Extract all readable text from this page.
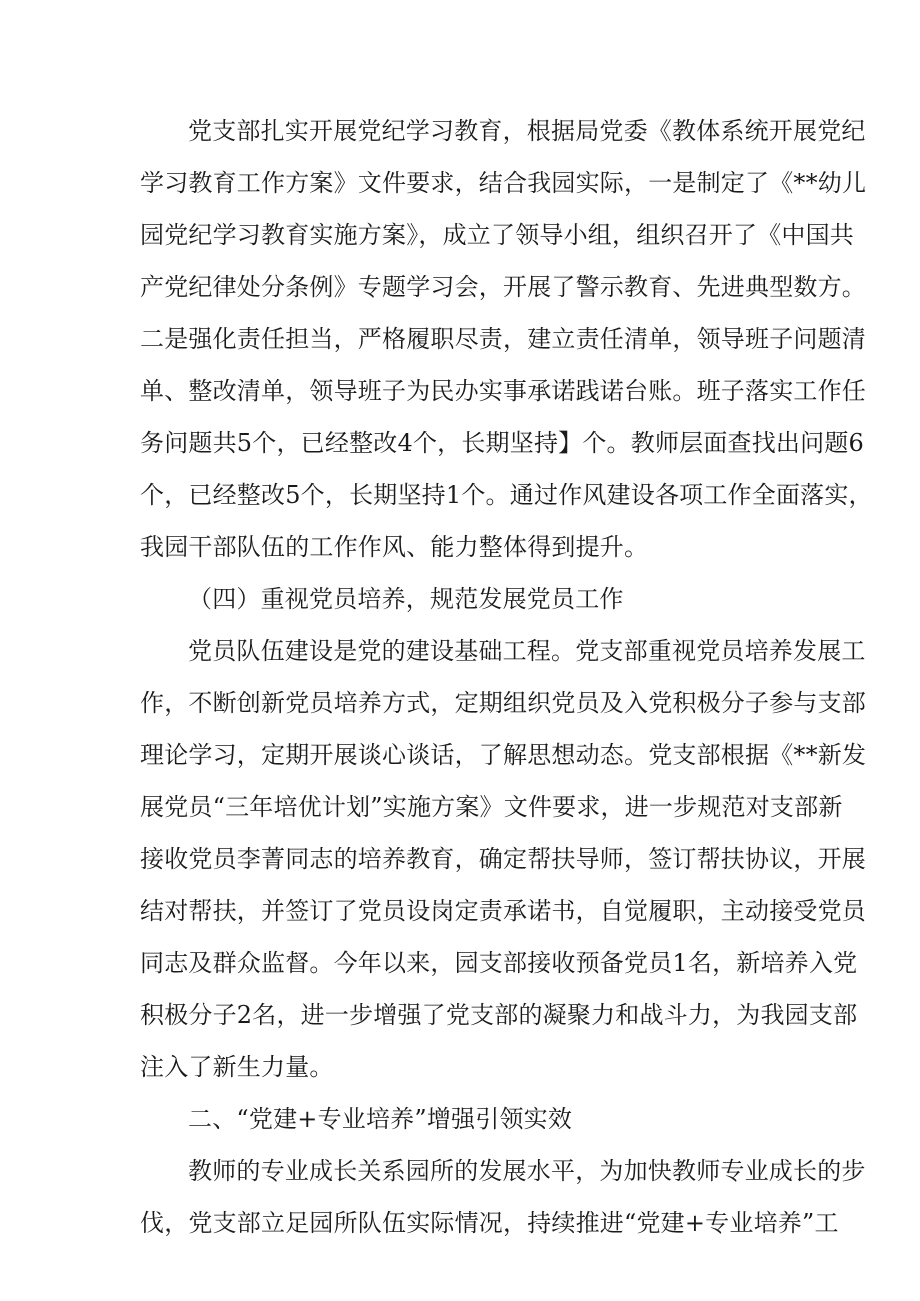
党支部扎实开展党纪学习教育，根据局党委《教体系统开展党纪
学习教育工作方案》文件要求，结合我园实际，一是制定了《**幼儿
园党纪学习教育实施方案》，成立了领导小组，组织召开了《中国共
产党纪律处分条例》专题学习会，开展了警示教育、先进典型数方。
二是强化责任担当，严格履职尽责，建立责任清单，领导班子问题清
单、整改清单，领导班子为民办实事承诺践诺台账。班子落实工作任
务问题共5个，已经整改4个，长期坚持】个。教师层面查找出问题6
个，已经整改5个，长期坚持1个。通过作风建设各项工作全面落实，
我园干部队伍的工作作风、能力整体得到提升。
（四）重视党员培养，规范发展党员工作
党员队伍建设是党的建设基础工程。党支部重视党员培养发展工
作，不断创新党员培养方式，定期组织党员及入党积极分子参与支部
理论学习，定期开展谈心谈话，了解思想动态。党支部根据《**新发
展党员“三年培优计划”实施方案》文件要求，进一步规范对支部新
接收党员李菁同志的培养教育，确定帮扶导师，签订帮扶协议，开展
结对帮扶，并签订了党员设岗定责承诺书，自觉履职，主动接受党员
同志及群众监督。今年以来，园支部接收预备党员1名，新培养入党
积极分子2名，进一步增强了党支部的凝聚力和战斗力，为我园支部
注入了新生力量。
二、“党建+专业培养”增强引领实效
教师的专业成长关系园所的发展水平，为加快教师专业成长的步
伐，党支部立足园所队伍实际情况，持续推进“党建+专业培养”工
